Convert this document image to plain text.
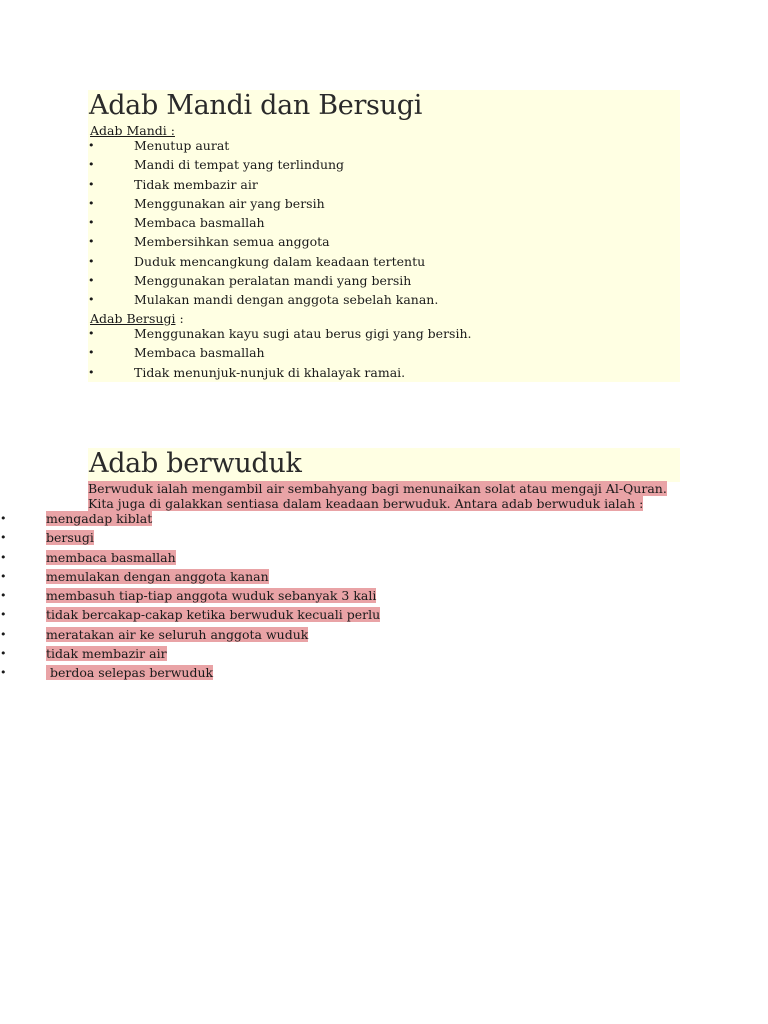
Adab Mandi dan Bersugi
Adab Mandi :
•	Menutup aurat
•	Mandi di tempat yang terlindung
•	Tidak membazir air
•	Menggunakan air yang bersih
•	Membaca basmallah
•	Membersihkan semua anggota
•	Duduk mencangkung dalam keadaan tertentu
•	Menggunakan peralatan mandi yang bersih
•	Mulakan mandi dengan anggota sebelah kanan.
Adab Bersugi :
•	Menggunakan kayu sugi atau berus gigi yang bersih.
•	Membaca basmallah
•	Tidak menunjuk-nunjuk di khalayak ramai.
Adab berwuduk
Berwuduk ialah mengambil air sembahyang bagi menunaikan solat atau mengaji Al-Quran. Kita juga di galakkan sentiasa dalam keadaan berwuduk. Antara adab berwuduk ialah :
•	mengadap kiblat
•	bersugi
•	membaca basmallah
•	memulakan dengan anggota kanan
•	membasuh tiap-tiap anggota wuduk sebanyak 3 kali
•	tidak bercakap-cakap ketika berwuduk kecuali perlu
•	meratakan air ke seluruh anggota wuduk
•	tidak membazir air
•	berdoa selepas berwuduk
